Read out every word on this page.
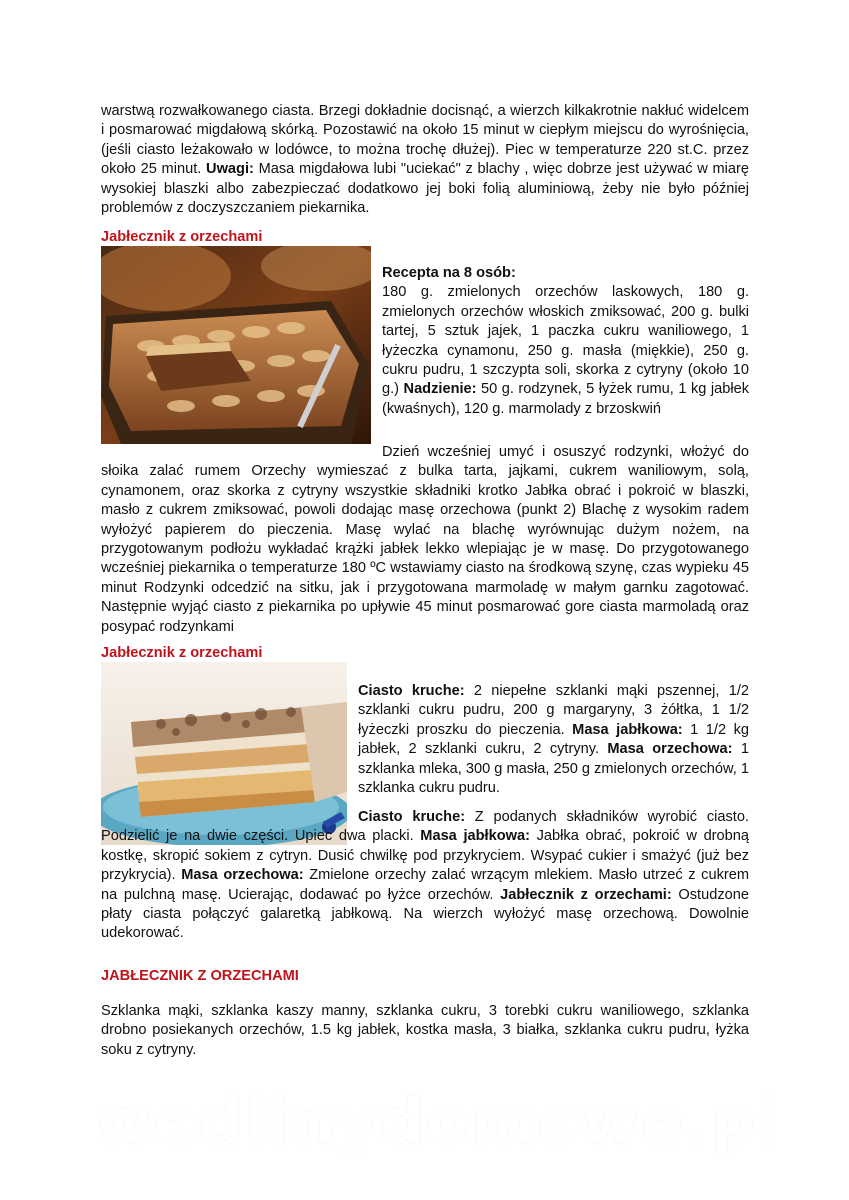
warstwą rozwałkowanego ciasta. Brzegi dokładnie docisnąć, a wierzch kilkakrotnie nakłuć widelcem i posmarować migdałową skórką. Pozostawić na około 15 minut w ciepłym miejscu do wyrośnięcia, (jeśli ciasto leżakowało w lodówce, to można trochę dłużej). Piec w temperaturze 220 st.C. przez około 25 minut. Uwagi: Masa migdałowa lubi "uciekać" z blachy , więc dobrze jest używać w miarę wysokiej blaszki albo zabezpieczać dodatkowo jej boki folią aluminiową, żeby nie było później problemów z doczyszczaniem piekarnika.

Jabłecznik z orzechami

Recepta na 8 osób:
180 g. zmielonych orzechów laskowych, 180 g. zmielonych orzechów włoskich zmiksować, 200 g. bulki tartej, 5 sztuk jajek, 1 paczka cukru waniliowego, 1 łyżeczka cynamonu, 250 g. masła (miękkie), 250 g. cukru pudru, 1 szczypta soli, skorka z cytryny (około 10 g.) Nadzienie: 50 g. rodzynek, 5 łyżek rumu, 1 kg jabłek (kwaśnych), 120 g. marmolady z brzoskwiń

Dzień wcześniej umyć i osuszyć rodzynki, włożyć do słoika zalać rumem Orzechy wymieszać z bulka tarta, jajkami, cukrem waniliowym, solą, cynamonem, oraz skorka z cytryny wszystkie składniki krotko Jabłka obrać i pokroić w blaszki, masło z cukrem zmiksować, powoli dodając masę orzechowa (punkt 2) Blachę z wysokim radem wyłożyć papierem do pieczenia. Masę wylać na blachę wyrównując dużym nożem, na przygotowanym podłożu wykładać krążki jabłek lekko wlepiając je w masę. Do przygotowanego wcześniej piekarnika o temperaturze 180 ºC wstawiamy ciasto na środkową szynę, czas wypieku 45 minut Rodzynki odcedzić na sitku, jak i przygotowana marmoladę w małym garnku zagotować. Następnie wyjąć ciasto z piekarnika po upływie 45 minut posmarować gore ciasta marmoladą oraz posypać rodzynkami

Jabłecznik z orzechami

Ciasto kruche: 2 niepełne szklanki mąki pszennej, 1/2 szklanki cukru pudru, 200 g margaryny, 3 żółtka, 1 1/2 łyżeczki proszku do pieczenia. Masa jabłkowa: 1 1/2 kg jabłek, 2 szklanki cukru, 2 cytryny. Masa orzechowa: 1 szklanka mleka, 300 g masła, 250 g zmielonych orzechów, 1 szklanka cukru pudru.

Ciasto kruche: Z podanych składników wyrobić ciasto. Podzielić je na dwie części. Upiec dwa placki. Masa jabłkowa: Jabłka obrać, pokroić w drobną kostkę, skropić sokiem z cytryn. Dusić chwilkę pod przykryciem. Wsypać cukier i smażyć (już bez przykrycia). Masa orzechowa: Zmielone orzechy zalać wrzącym mlekiem. Masło utrzeć z cukrem na pulchną masę. Ucierając, dodawać po łyżce orzechów. Jabłecznik z orzechami: Ostudzone płaty ciasta połączyć galaretką jabłkową. Na wierzch wyłożyć masę orzechową. Dowolnie udekorować.

JABŁECZNIK Z ORZECHAMI

Szklanka mąki, szklanka kaszy manny, szklanka cukru, 3 torebki cukru waniliowego, szklanka drobno posiekanych orzechów, 1.5 kg jabłek, kostka masła, 3 białka, szklanka cukru pudru, łyżka soku z cytryny.

wedlinydomowe.pl
